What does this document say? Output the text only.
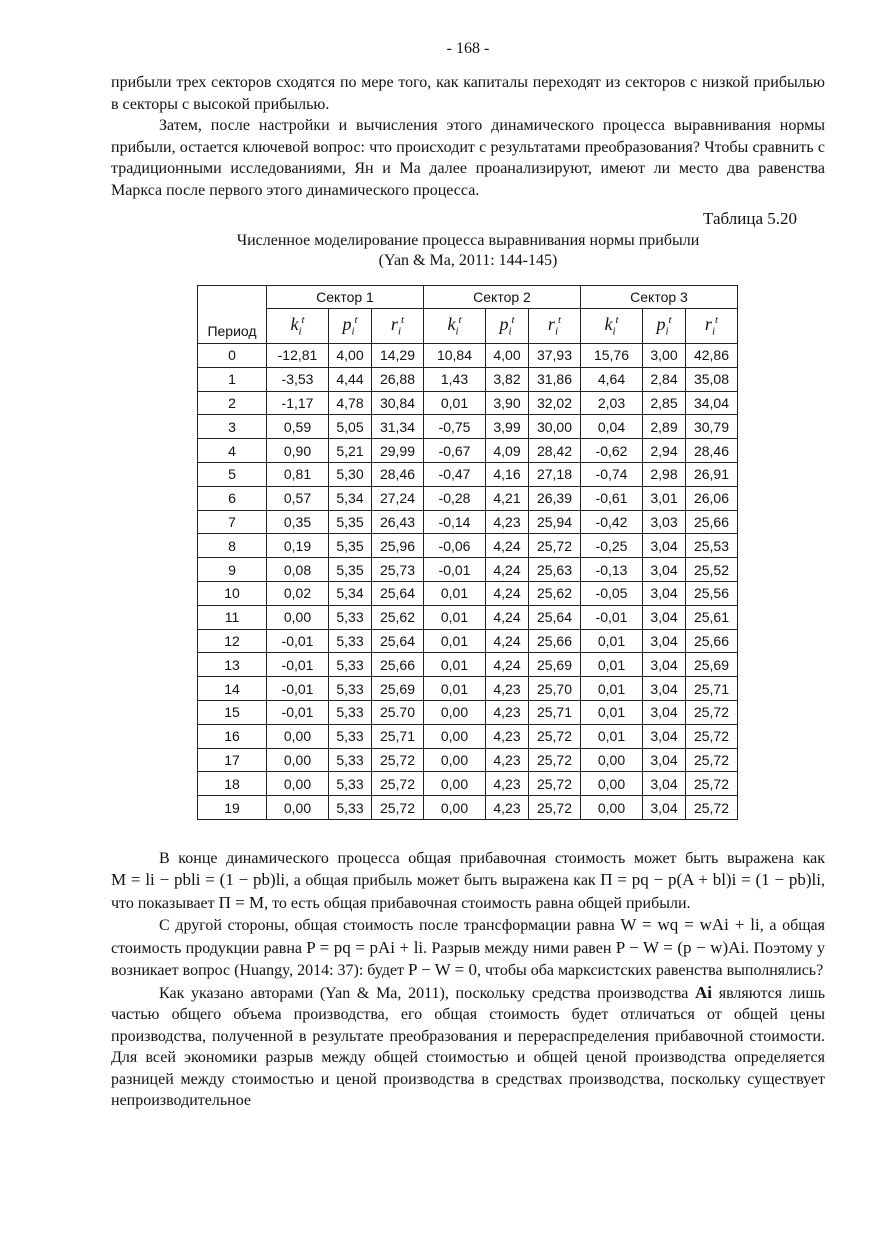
- 168 -

прибыли трех секторов сходятся по мере того, как капиталы переходят из секторов с низкой прибылью в секторы с высокой прибылью.

Затем, после настройки и вычисления этого динамического процесса выравнивания нормы прибыли, остается ключевой вопрос: что происходит с результатами преобразования? Чтобы сравнить с традиционными исследованиями, Ян и Ма далее проанализируют, имеют ли место два равенства Маркса после первого этого динамического процесса.

Таблица 5.20

Численное моделирование процесса выравнивания нормы прибыли

(Yan & Ma, 2011: 144-145)

Период	Сектор 1			Сектор 2			Сектор 3		
	$k_i^t$	$p_i^t$	$r_i^t$	$k_i^t$	$p_i^t$	$r_i^t$	$k_i^t$	$p_i^t$	$r_i^t$
0	-12,81	4,00	14,29	10,84	4,00	37,93	15,76	3,00	42,86
1	-3,53	4,44	26,88	1,43	3,82	31,86	4,64	2,84	35,08
2	-1,17	4,78	30,84	0,01	3,90	32,02	2,03	2,85	34,04
3	0,59	5,05	31,34	-0,75	3,99	30,00	0,04	2,89	30,79
4	0,90	5,21	29,99	-0,67	4,09	28,42	-0,62	2,94	28,46
5	0,81	5,30	28,46	-0,47	4,16	27,18	-0,74	2,98	26,91
6	0,57	5,34	27,24	-0,28	4,21	26,39	-0,61	3,01	26,06
7	0,35	5,35	26,43	-0,14	4,23	25,94	-0,42	3,03	25,66
8	0,19	5,35	25,96	-0,06	4,24	25,72	-0,25	3,04	25,53
9	0,08	5,35	25,73	-0,01	4,24	25,63	-0,13	3,04	25,52
10	0,02	5,34	25,64	0,01	4,24	25,62	-0,05	3,04	25,56
11	0,00	5,33	25,62	0,01	4,24	25,64	-0,01	3,04	25,61
12	-0,01	5,33	25,64	0,01	4,24	25,66	0,01	3,04	25,66
13	-0,01	5,33	25,66	0,01	4,24	25,69	0,01	3,04	25,69
14	-0,01	5,33	25,69	0,01	4,23	25,70	0,01	3,04	25,71
15	-0,01	5,33	25.70	0,00	4,23	25,71	0,01	3,04	25,72
16	0,00	5,33	25,71	0,00	4,23	25,72	0,01	3,04	25,72
17	0,00	5,33	25,72	0,00	4,23	25,72	0,00	3,04	25,72
18	0,00	5,33	25,72	0,00	4,23	25,72	0,00	3,04	25,72
19	0,00	5,33	25,72	0,00	4,23	25,72	0,00	3,04	25,72

В конце динамического процесса общая прибавочная стоимость может быть выражена как M = li − pbli = (1 − pb)li, а общая прибыль может быть выражена как Π = pq − p(A + bl)i = (1 − pb)li, что показывает Π = M, то есть общая прибавочная стоимость равна общей прибыли.

С другой стороны, общая стоимость после трансформации равна W = wq = wAi + li, а общая стоимость продукции равна P = pq = pAi + li. Разрыв между ними равен P − W = (p − w)Ai. Поэтому у возникает вопрос (Huangy, 2014: 37): будет P − W = 0, чтобы оба марксистских равенства выполнялись?

Как указано авторами (Yan & Ma, 2011), поскольку средства производства Ai являются лишь частью общего объема производства, его общая стоимость будет отличаться от общей цены производства, полученной в результате преобразования и перераспределения прибавочной стоимости. Для всей экономики разрыв между общей стоимостью и общей ценой производства определяется разницей между стоимостью и ценой производства в средствах производства, поскольку существует непроизводительное
